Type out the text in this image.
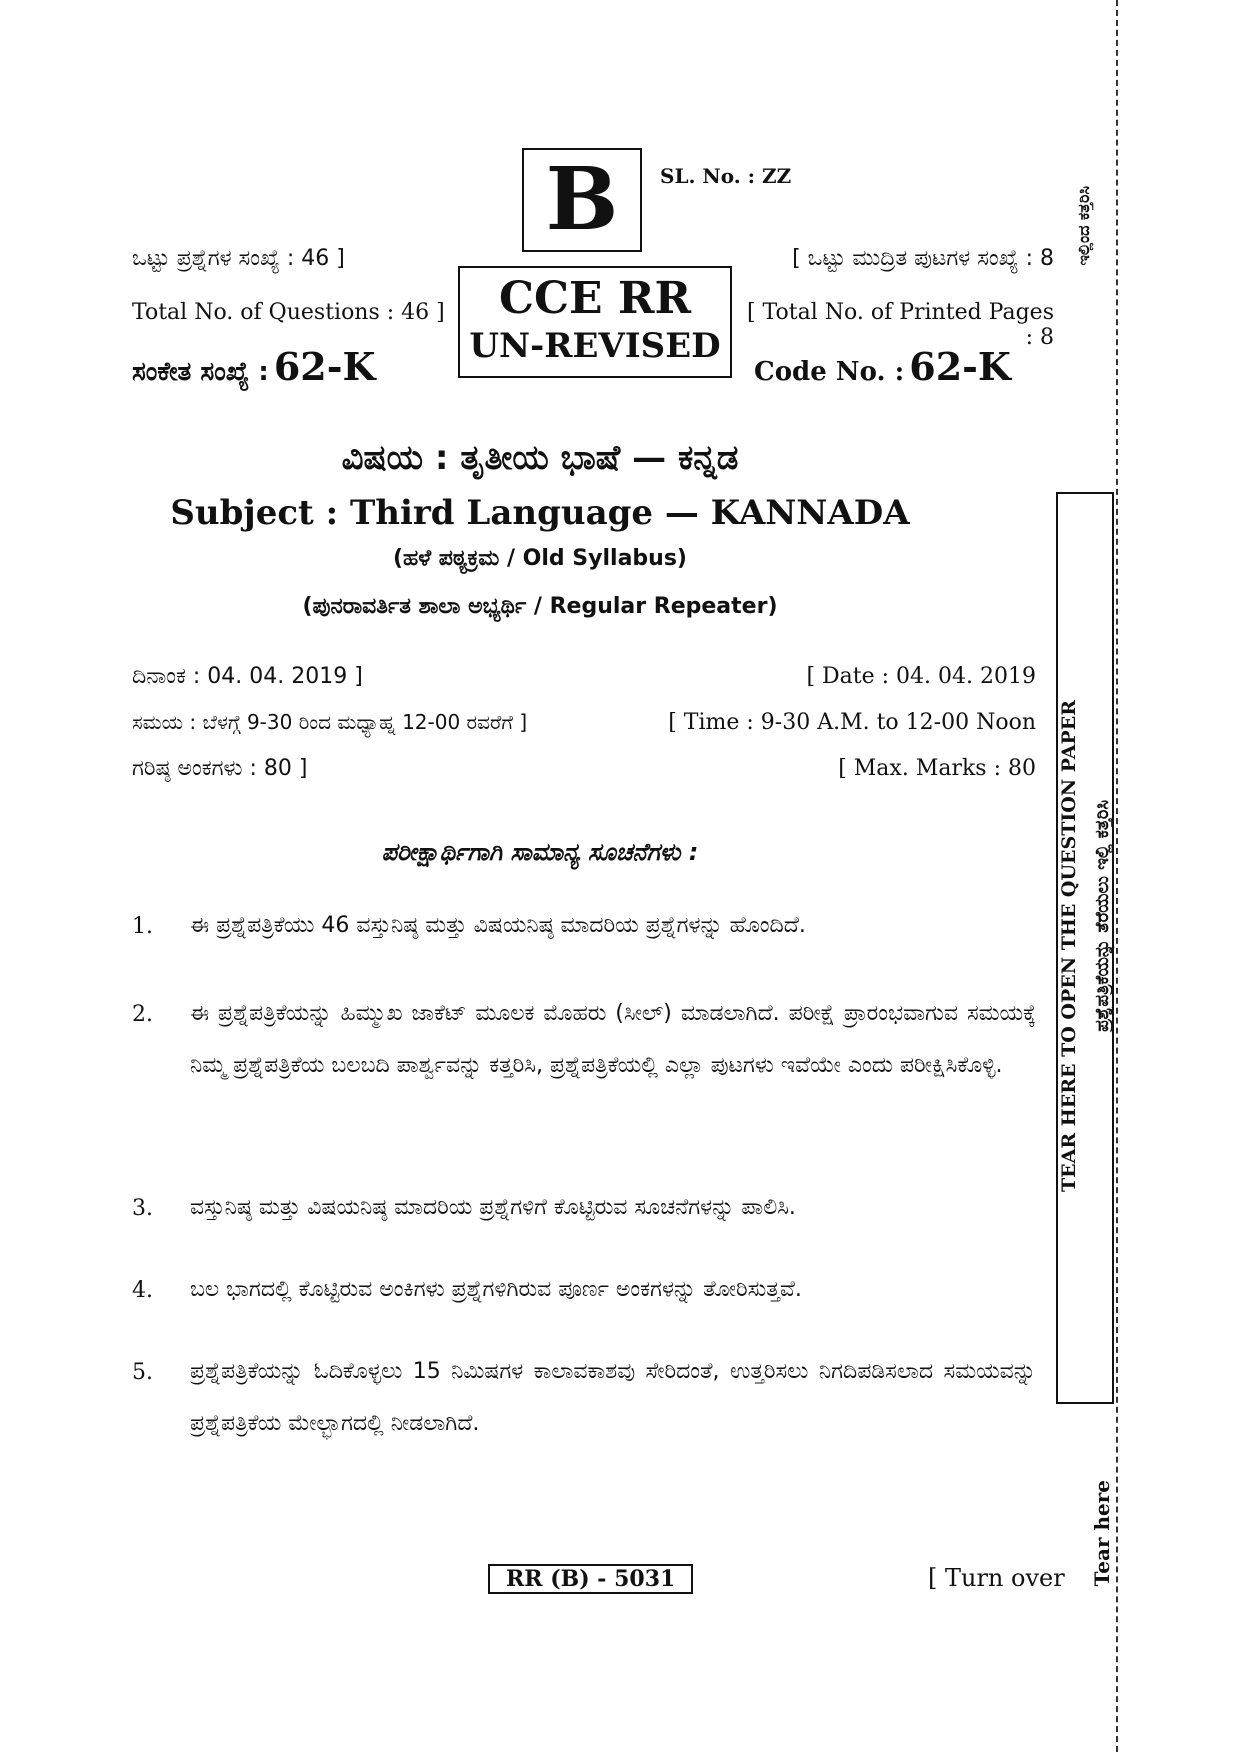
B	SL. No. : ZZ
ಒಟ್ಟು ಪ್ರಶ್ನೆಗಳ ಸಂಖ್ಯೆ : 46 ]
Total No. of Questions : 46 ]
ಸಂಕೇತ ಸಂಖ್ಯೆ : 62-K
CCE RR
UN-REVISED
[ ಒಟ್ಟು ಮುದ್ರಿತ ಪುಟಗಳ ಸಂಖ್ಯೆ : 8
[ Total No. of Printed Pages : 8
Code No. : 62-K
ವಿಷಯ : ತೃತೀಯ ಭಾಷೆ — ಕನ್ನಡ
Subject : Third Language — KANNADA
(ಹಳೆ ಪಠ್ಯಕ್ರಮ / Old Syllabus)
(ಪುನರಾವರ್ತಿತ ಶಾಲಾ ಅಭ್ಯರ್ಥಿ / Regular Repeater)
ದಿನಾಂಕ : 04. 04. 2019 ]	[ Date : 04. 04. 2019
ಸಮಯ : ಬೆಳಗ್ಗೆ 9-30 ರಿಂದ ಮಧ್ಯಾಹ್ನ 12-00 ರವರೆಗೆ ]	[ Time : 9-30 A.M. to 12-00 Noon
ಗರಿಷ್ಠ ಅಂಕಗಳು : 80 ]	[ Max. Marks : 80
ಪರೀಕ್ಷಾರ್ಥಿಗಾಗಿ ಸಾಮಾನ್ಯ ಸೂಚನೆಗಳು :
1. ಈ ಪ್ರಶ್ನೆಪತ್ರಿಕೆಯು 46 ವಸ್ತುನಿಷ್ಠ ಮತ್ತು ವಿಷಯನಿಷ್ಠ ಮಾದರಿಯ ಪ್ರಶ್ನೆಗಳನ್ನು ಹೊಂದಿದೆ.
2. ಈ ಪ್ರಶ್ನೆಪತ್ರಿಕೆಯನ್ನು ಹಿಮ್ಮುಖ ಜಾಕೆಟ್ ಮೂಲಕ ಮೊಹರು (ಸೀಲ್) ಮಾಡಲಾಗಿದೆ. ಪರೀಕ್ಷೆ ಪ್ರಾರಂಭವಾಗುವ ಸಮಯಕ್ಕೆ ನಿಮ್ಮ ಪ್ರಶ್ನೆಪತ್ರಿಕೆಯ ಬಲಬದಿ ಪಾರ್ಶ್ವವನ್ನು ಕತ್ತರಿಸಿ, ಪ್ರಶ್ನೆಪತ್ರಿಕೆಯಲ್ಲಿ ಎಲ್ಲಾ ಪುಟಗಳು ಇವೆಯೇ ಎಂದು ಪರೀಕ್ಷಿಸಿಕೊಳ್ಳಿ.
3. ವಸ್ತುನಿಷ್ಠ ಮತ್ತು ವಿಷಯನಿಷ್ಠ ಮಾದರಿಯ ಪ್ರಶ್ನೆಗಳಿಗೆ ಕೊಟ್ಟಿರುವ ಸೂಚನೆಗಳನ್ನು ಪಾಲಿಸಿ.
4. ಬಲ ಭಾಗದಲ್ಲಿ ಕೊಟ್ಟಿರುವ ಅಂಕಿಗಳು ಪ್ರಶ್ನೆಗಳಿಗಿರುವ ಪೂರ್ಣ ಅಂಕಗಳನ್ನು ತೋರಿಸುತ್ತವೆ.
5. ಪ್ರಶ್ನೆಪತ್ರಿಕೆಯನ್ನು ಓದಿಕೊಳ್ಳಲು 15 ನಿಮಿಷಗಳ ಕಾಲಾವಕಾಶವು ಸೇರಿದಂತೆ, ಉತ್ತರಿಸಲು ನಿಗದಿಪಡಿಸಲಾದ ಸಮಯವನ್ನು ಪ್ರಶ್ನೆಪತ್ರಿಕೆಯ ಮೇಲ್ಭಾಗದಲ್ಲಿ ನೀಡಲಾಗಿದೆ.
RR (B) - 5031	[ Turn over
ಇಲ್ಲಿಂದ ಕತ್ತರಿಸಿ
TEAR HERE TO OPEN THE QUESTION PAPER ಪ್ರಶ್ನೆಪತ್ರಿಕೆಯನ್ನು ತೆರೆಯಲು ಇಲ್ಲಿ ಕತ್ತರಿಸಿ
Tear here
